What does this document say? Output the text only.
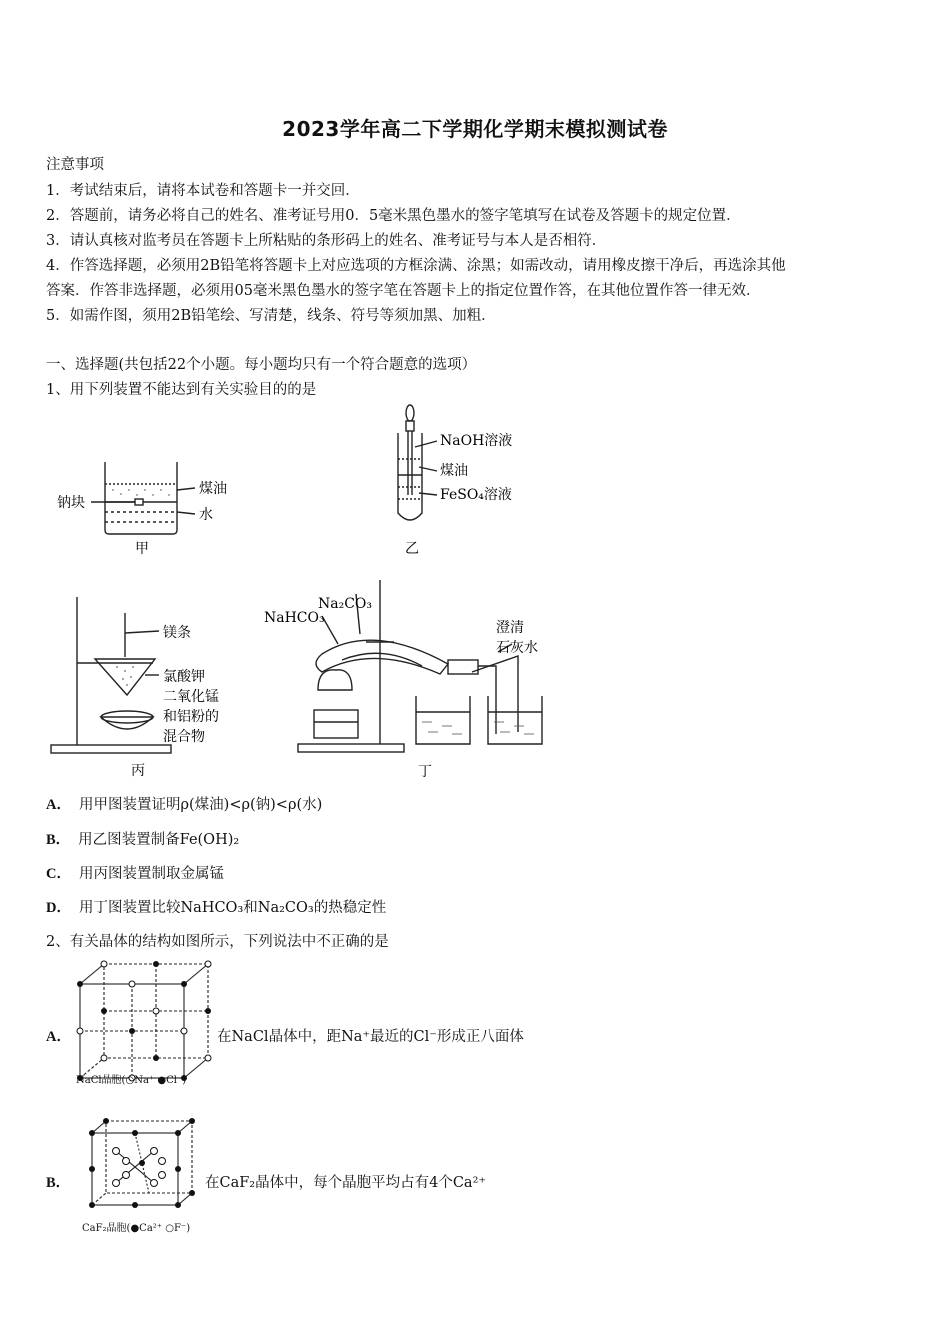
2023学年高二下学期化学期末模拟测试卷
注意事项
1．考试结束后，请将本试卷和答题卡一并交回．
2．答题前，请务必将自己的姓名、准考证号用0．5毫米黑色墨水的签字笔填写在试卷及答题卡的规定位置．
3．请认真核对监考员在答题卡上所粘贴的条形码上的姓名、准考证号与本人是否相符．
4．作答选择题，必须用2B铅笔将答题卡上对应选项的方框涂满、涂黑；如需改动，请用橡皮擦干净后，再选涂其他
答案．作答非选择题，必须用05毫米黑色墨水的签字笔在答题卡上的指定位置作答，在其他位置作答一律无效．
5．如需作图，须用2B铅笔绘、写清楚，线条、符号等须加黑、加粗．
一、选择题(共包括22个小题。每小题均只有一个符合题意的选项）
1、用下列装置不能达到有关实验目的的是
钠块
煤油
水
甲
NaOH溶液
煤油
FeSO₄溶液
乙
镁条
氯酸钾
二氧化锰
和铝粉的
混合物
丙
NaHCO₃
Na₂CO₃
澄清
石灰水
丁
A． 用甲图装置证明ρ(煤油)<ρ(钠)<ρ(水)
B． 用乙图装置制备Fe(OH)₂
C． 用丙图装置制取金属锰
D． 用丁图装置比较NaHCO₃和Na₂CO₃的热稳定性
2、有关晶体的结构如图所示，下列说法中不正确的是
NaCl晶胞(○Na⁺ ●Cl⁻)
A．	在NaCl晶体中，距Na⁺最近的Cl⁻形成正八面体
CaF₂晶胞(●Ca²⁺ ○F⁻)
B．	在CaF₂晶体中，每个晶胞平均占有4个Ca²⁺
